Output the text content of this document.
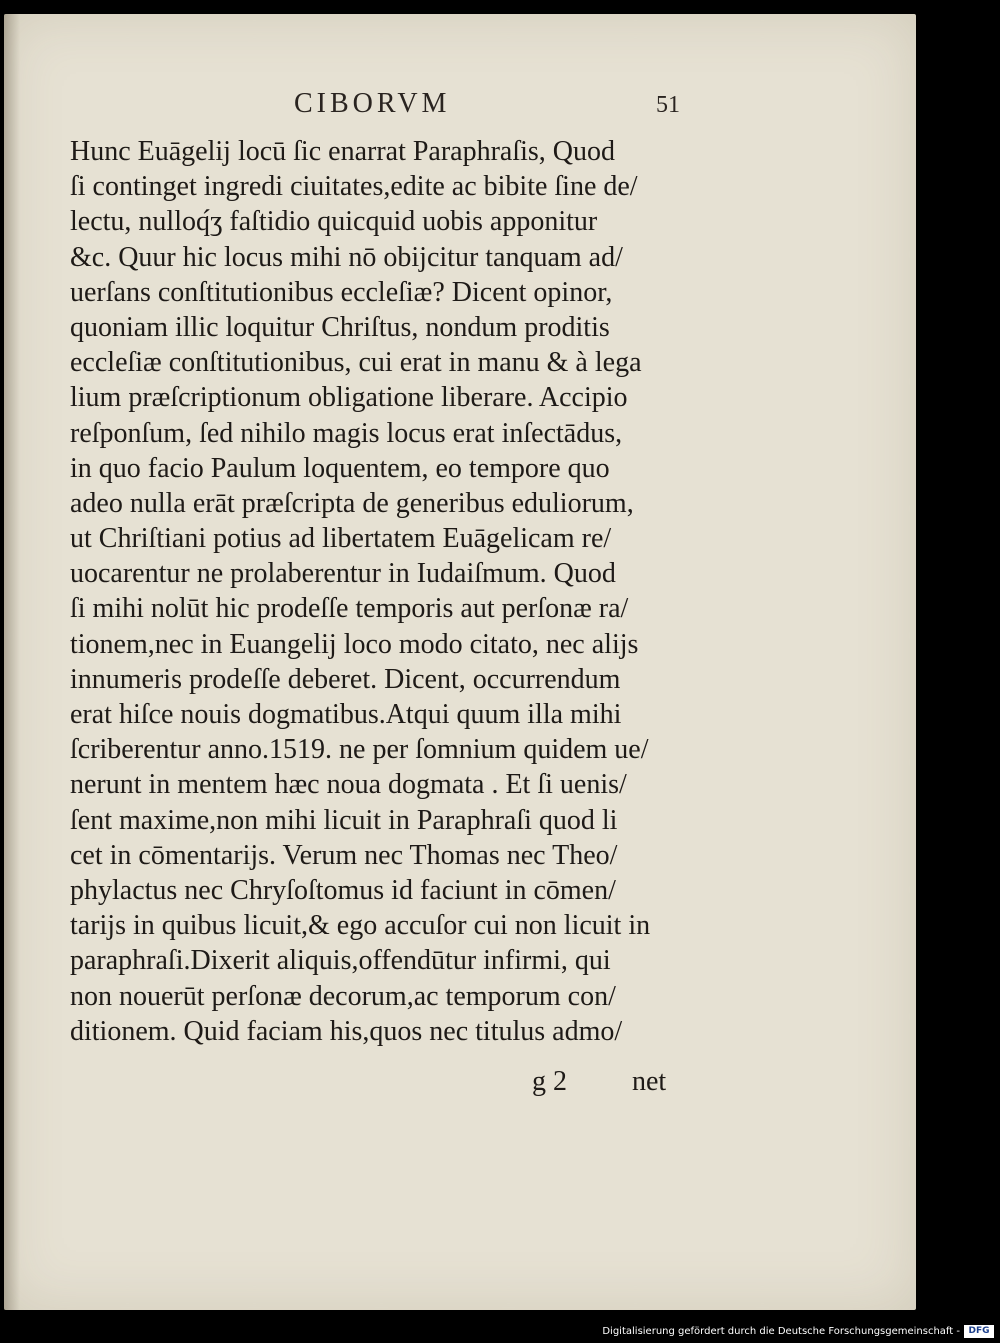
CIBORVM	51
Hunc Euāgelij locū ſic enarrat Paraphraſis, Quod
ſi continget ingredi ciuitates,edite ac bibite ſine de/
lectu, nulloq́ʒ faſtidio quicquid uobis apponitur
&c. Quur hic locus mihi nō obijcitur tanquam ad/
uerſans conſtitutionibus eccleſiæ? Dicent opinor,
quoniam illic loquitur Chriſtus, nondum proditis
eccleſiæ conſtitutionibus, cui erat in manu & à lega
lium præſcriptionum obligatione liberare. Accipio
reſponſum, ſed nihilo magis locus erat inſectādus,
in quo facio Paulum loquentem, eo tempore quo
adeo nulla erāt præſcripta de generibus eduliorum,
ut Chriſtiani potius ad libertatem Euāgelicam re/
uocarentur ne prolaberentur in Iudaiſmum. Quod
ſi mihi nolūt hic prodeſſe temporis aut perſonæ ra/
tionem,nec in Euangelij loco modo citato, nec alijs
innumeris prodeſſe deberet. Dicent, occurrendum
erat hiſce nouis dogmatibus.Atqui quum illa mihi
ſcriberentur anno.1519. ne per ſomnium quidem ue/
nerunt in mentem hæc noua dogmata . Et ſi uenis/
ſent maxime,non mihi licuit in Paraphraſi quod li
cet in cōmentarijs. Verum nec Thomas nec Theo/
phylactus nec Chryſoſtomus id faciunt in cōmen/
tarijs in quibus licuit,& ego accuſor cui non licuit in
paraphraſi.Dixerit aliquis,offendūtur infirmi, qui
non nouerūt perſonæ decorum,ac temporum con/
ditionem. Quid faciam his,quos nec titulus admo/
g 2 net
Digitalisierung gefördert durch die Deutsche Forschungsgemeinschaft - DFG
